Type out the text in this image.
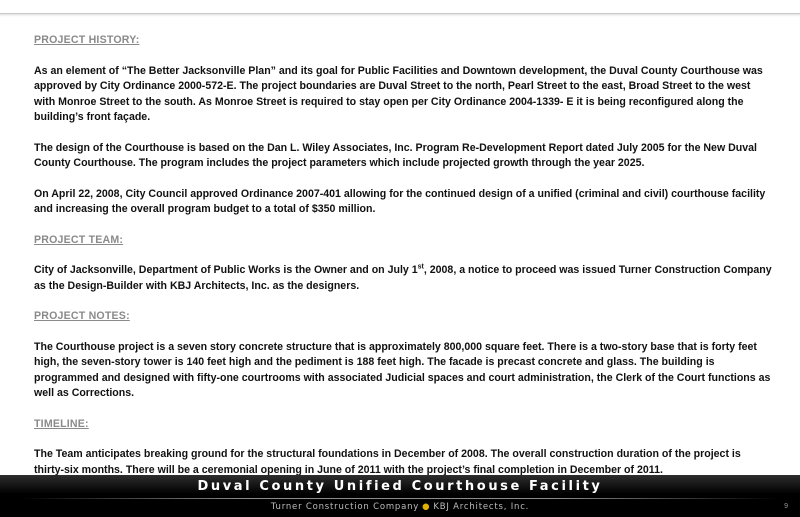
PROJECT HISTORY:
As an element of “The Better Jacksonville Plan” and its goal for Public Facilities and Downtown development, the Duval County Courthouse was approved by City Ordinance 2000-572-E. The project boundaries are Duval Street to the north, Pearl Street to the east, Broad Street to the west with Monroe Street to the south. As Monroe Street is required to stay open per City Ordinance 2004-1339- E it is being reconfigured along the building’s front façade.
The design of the Courthouse is based on the Dan L. Wiley Associates, Inc. Program Re-Development Report dated July 2005 for the New Duval County Courthouse. The program includes the project parameters which include projected growth through the year 2025.
On April 22, 2008, City Council approved Ordinance 2007-401 allowing for the continued design of a unified (criminal and civil) courthouse facility and increasing the overall program budget to a total of $350 million.
PROJECT TEAM:
City of Jacksonville, Department of Public Works is the Owner and on July 1st, 2008, a notice to proceed was issued Turner Construction Company as the Design-Builder with KBJ Architects, Inc. as the designers.
PROJECT NOTES:
The Courthouse project is a seven story concrete structure that is approximately 800,000 square feet. There is a two-story base that is forty feet high, the seven-story tower is 140 feet high and the pediment is 188 feet high. The facade is precast concrete and glass. The building is programmed and designed with fifty-one courtrooms with associated Judicial spaces and court administration, the Clerk of the Court functions as well as Corrections.
TIMELINE:
The Team anticipates breaking ground for the structural foundations in December of 2008. The overall construction duration of the project is thirty-six months. There will be a ceremonial opening in June of 2011 with the project’s final completion in December of 2011.
Duval County Unified Courthouse Facility
Turner Construction Company ● KBJ Architects, Inc.	9
